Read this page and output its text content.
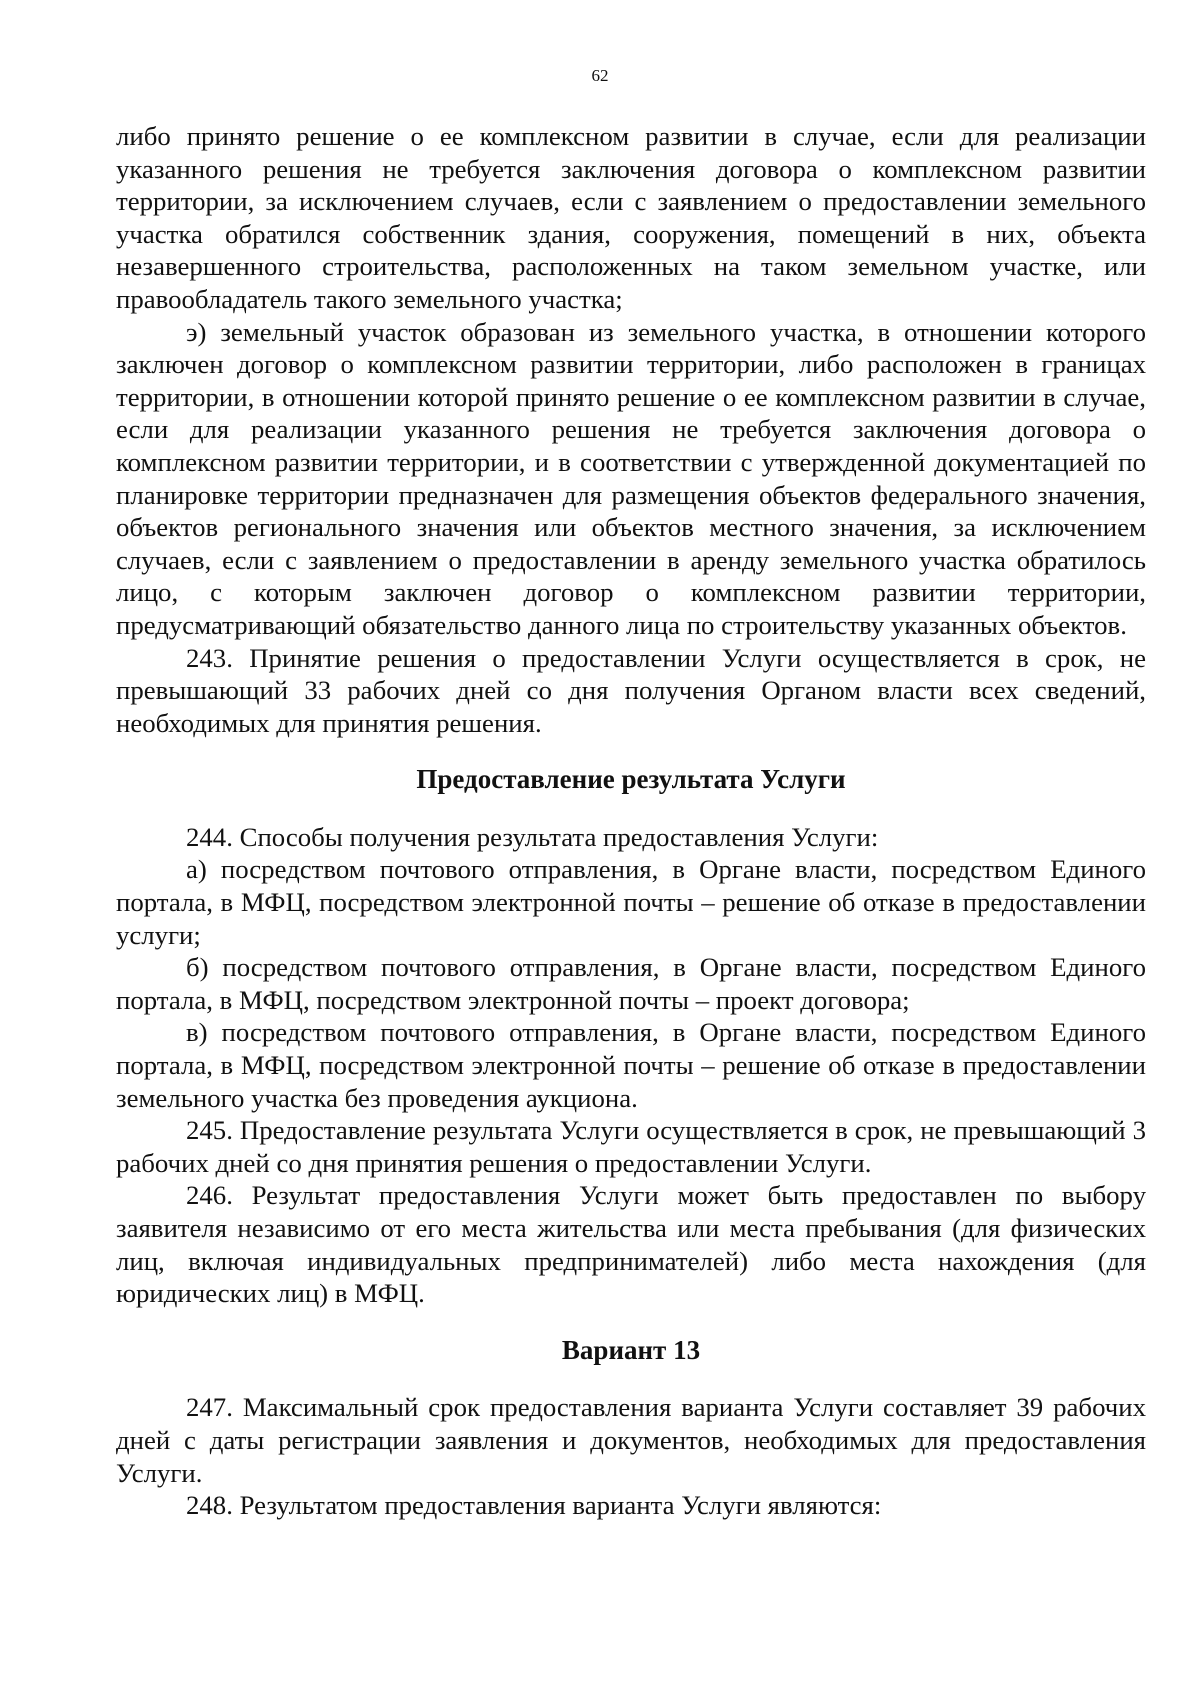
62

либо принято решение о ее комплексном развитии в случае, если для реализации указанного решения не требуется заключения договора о комплексном развитии территории, за исключением случаев, если с заявлением о предоставлении земельного участка обратился собственник здания, сооружения, помещений в них, объекта незавершенного строительства, расположенных на таком земельном участке, или правообладатель такого земельного участка;

э) земельный участок образован из земельного участка, в отношении которого заключен договор о комплексном развитии территории, либо расположен в границах территории, в отношении которой принято решение о ее комплексном развитии в случае, если для реализации указанного решения не требуется заключения договора о комплексном развитии территории, и в соответствии с утвержденной документацией по планировке территории предназначен для размещения объектов федерального значения, объектов регионального значения или объектов местного значения, за исключением случаев, если с заявлением о предоставлении в аренду земельного участка обратилось лицо, с которым заключен договор о комплексном развитии территории, предусматривающий обязательство данного лица по строительству указанных объектов.

243. Принятие решения о предоставлении Услуги осуществляется в срок, не превышающий 33 рабочих дней со дня получения Органом власти всех сведений, необходимых для принятия решения.

Предоставление результата Услуги

244. Способы получения результата предоставления Услуги:

а) посредством почтового отправления, в Органе власти, посредством Единого портала, в МФЦ, посредством электронной почты – решение об отказе в предоставлении услуги;

б) посредством почтового отправления, в Органе власти, посредством Единого портала, в МФЦ, посредством электронной почты – проект договора;

в) посредством почтового отправления, в Органе власти, посредством Единого портала, в МФЦ, посредством электронной почты – решение об отказе в предоставлении земельного участка без проведения аукциона.

245. Предоставление результата Услуги осуществляется в срок, не превышающий 3 рабочих дней со дня принятия решения о предоставлении Услуги.

246. Результат предоставления Услуги может быть предоставлен по выбору заявителя независимо от его места жительства или места пребывания (для физических лиц, включая индивидуальных предпринимателей) либо места нахождения (для юридических лиц) в МФЦ.

Вариант 13

247. Максимальный срок предоставления варианта Услуги составляет 39 рабочих дней с даты регистрации заявления и документов, необходимых для предоставления Услуги.

248. Результатом предоставления варианта Услуги являются:
